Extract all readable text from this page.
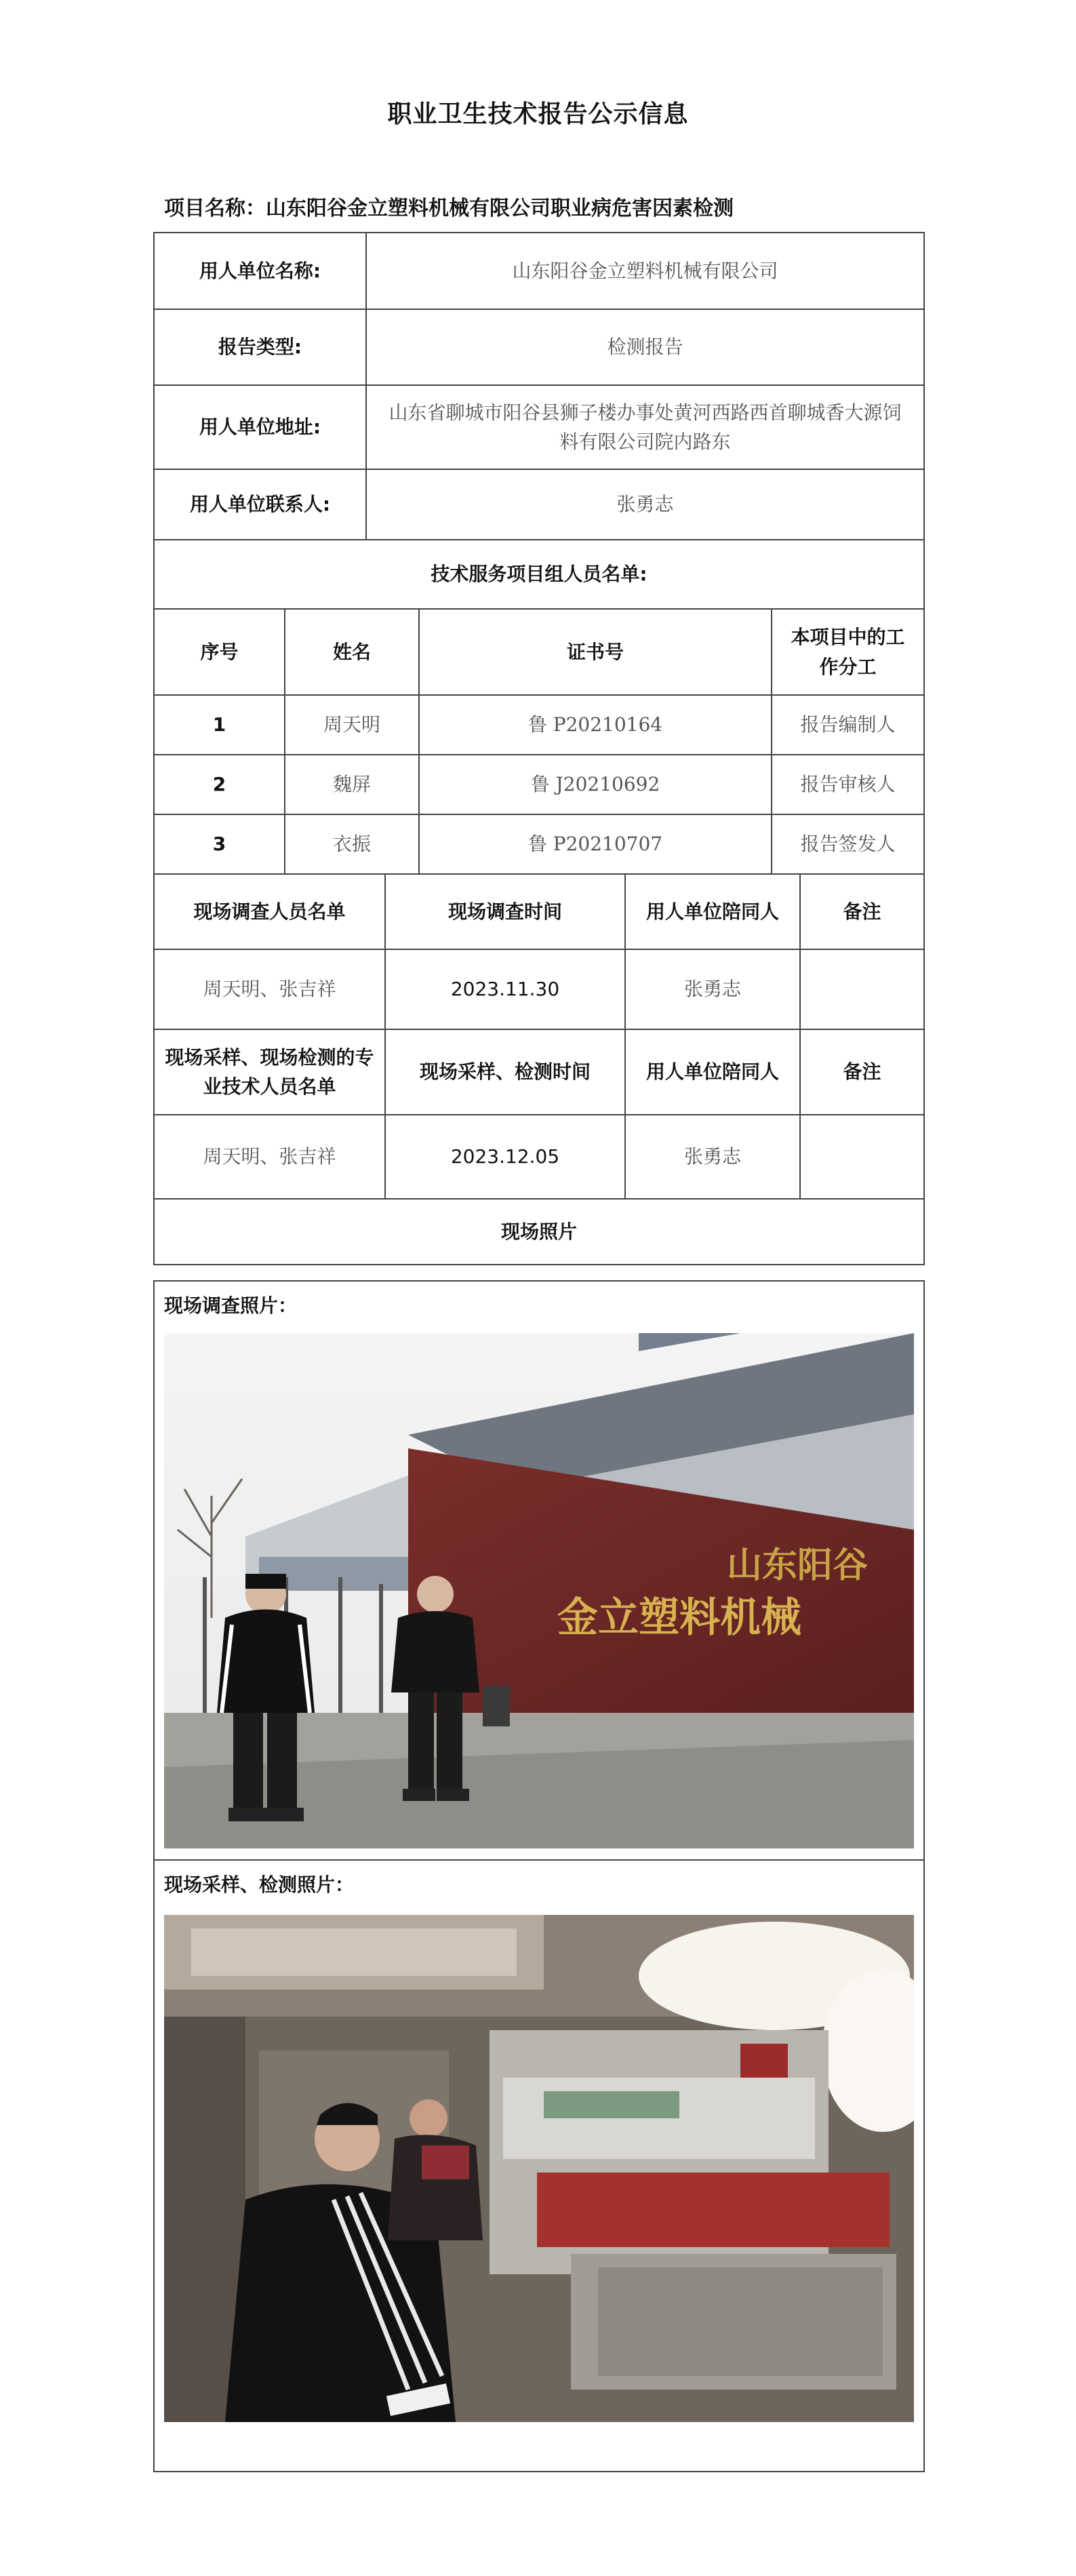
职业卫生技术报告公示信息
项目名称：山东阳谷金立塑料机械有限公司职业病危害因素检测
用人单位名称:	山东阳谷金立塑料机械有限公司
报告类型:	检测报告
用人单位地址:	山东省聊城市阳谷县狮子楼办事处黄河西路西首聊城香大源饲料有限公司院内路东
用人单位联系人:	张勇志
技术服务项目组人员名单:	
序号	姓名	证书号	本项目中的工作分工
1	周天明	鲁 P20210164	报告编制人
2	魏屏	鲁 J20210692	报告审核人
3	衣振	鲁 P20210707	报告签发人
现场调查人员名单	现场调查时间	用人单位陪同人	备注
周天明、张吉祥	2023.11.30	张勇志	
现场采样、现场检测的专业技术人员名单	现场采样、检测时间	用人单位陪同人	备注
周天明、张吉祥	2023.12.05	张勇志	
现场照片			
现场调查照片：
山东阳谷
金立塑料机械
现场采样、检测照片：
